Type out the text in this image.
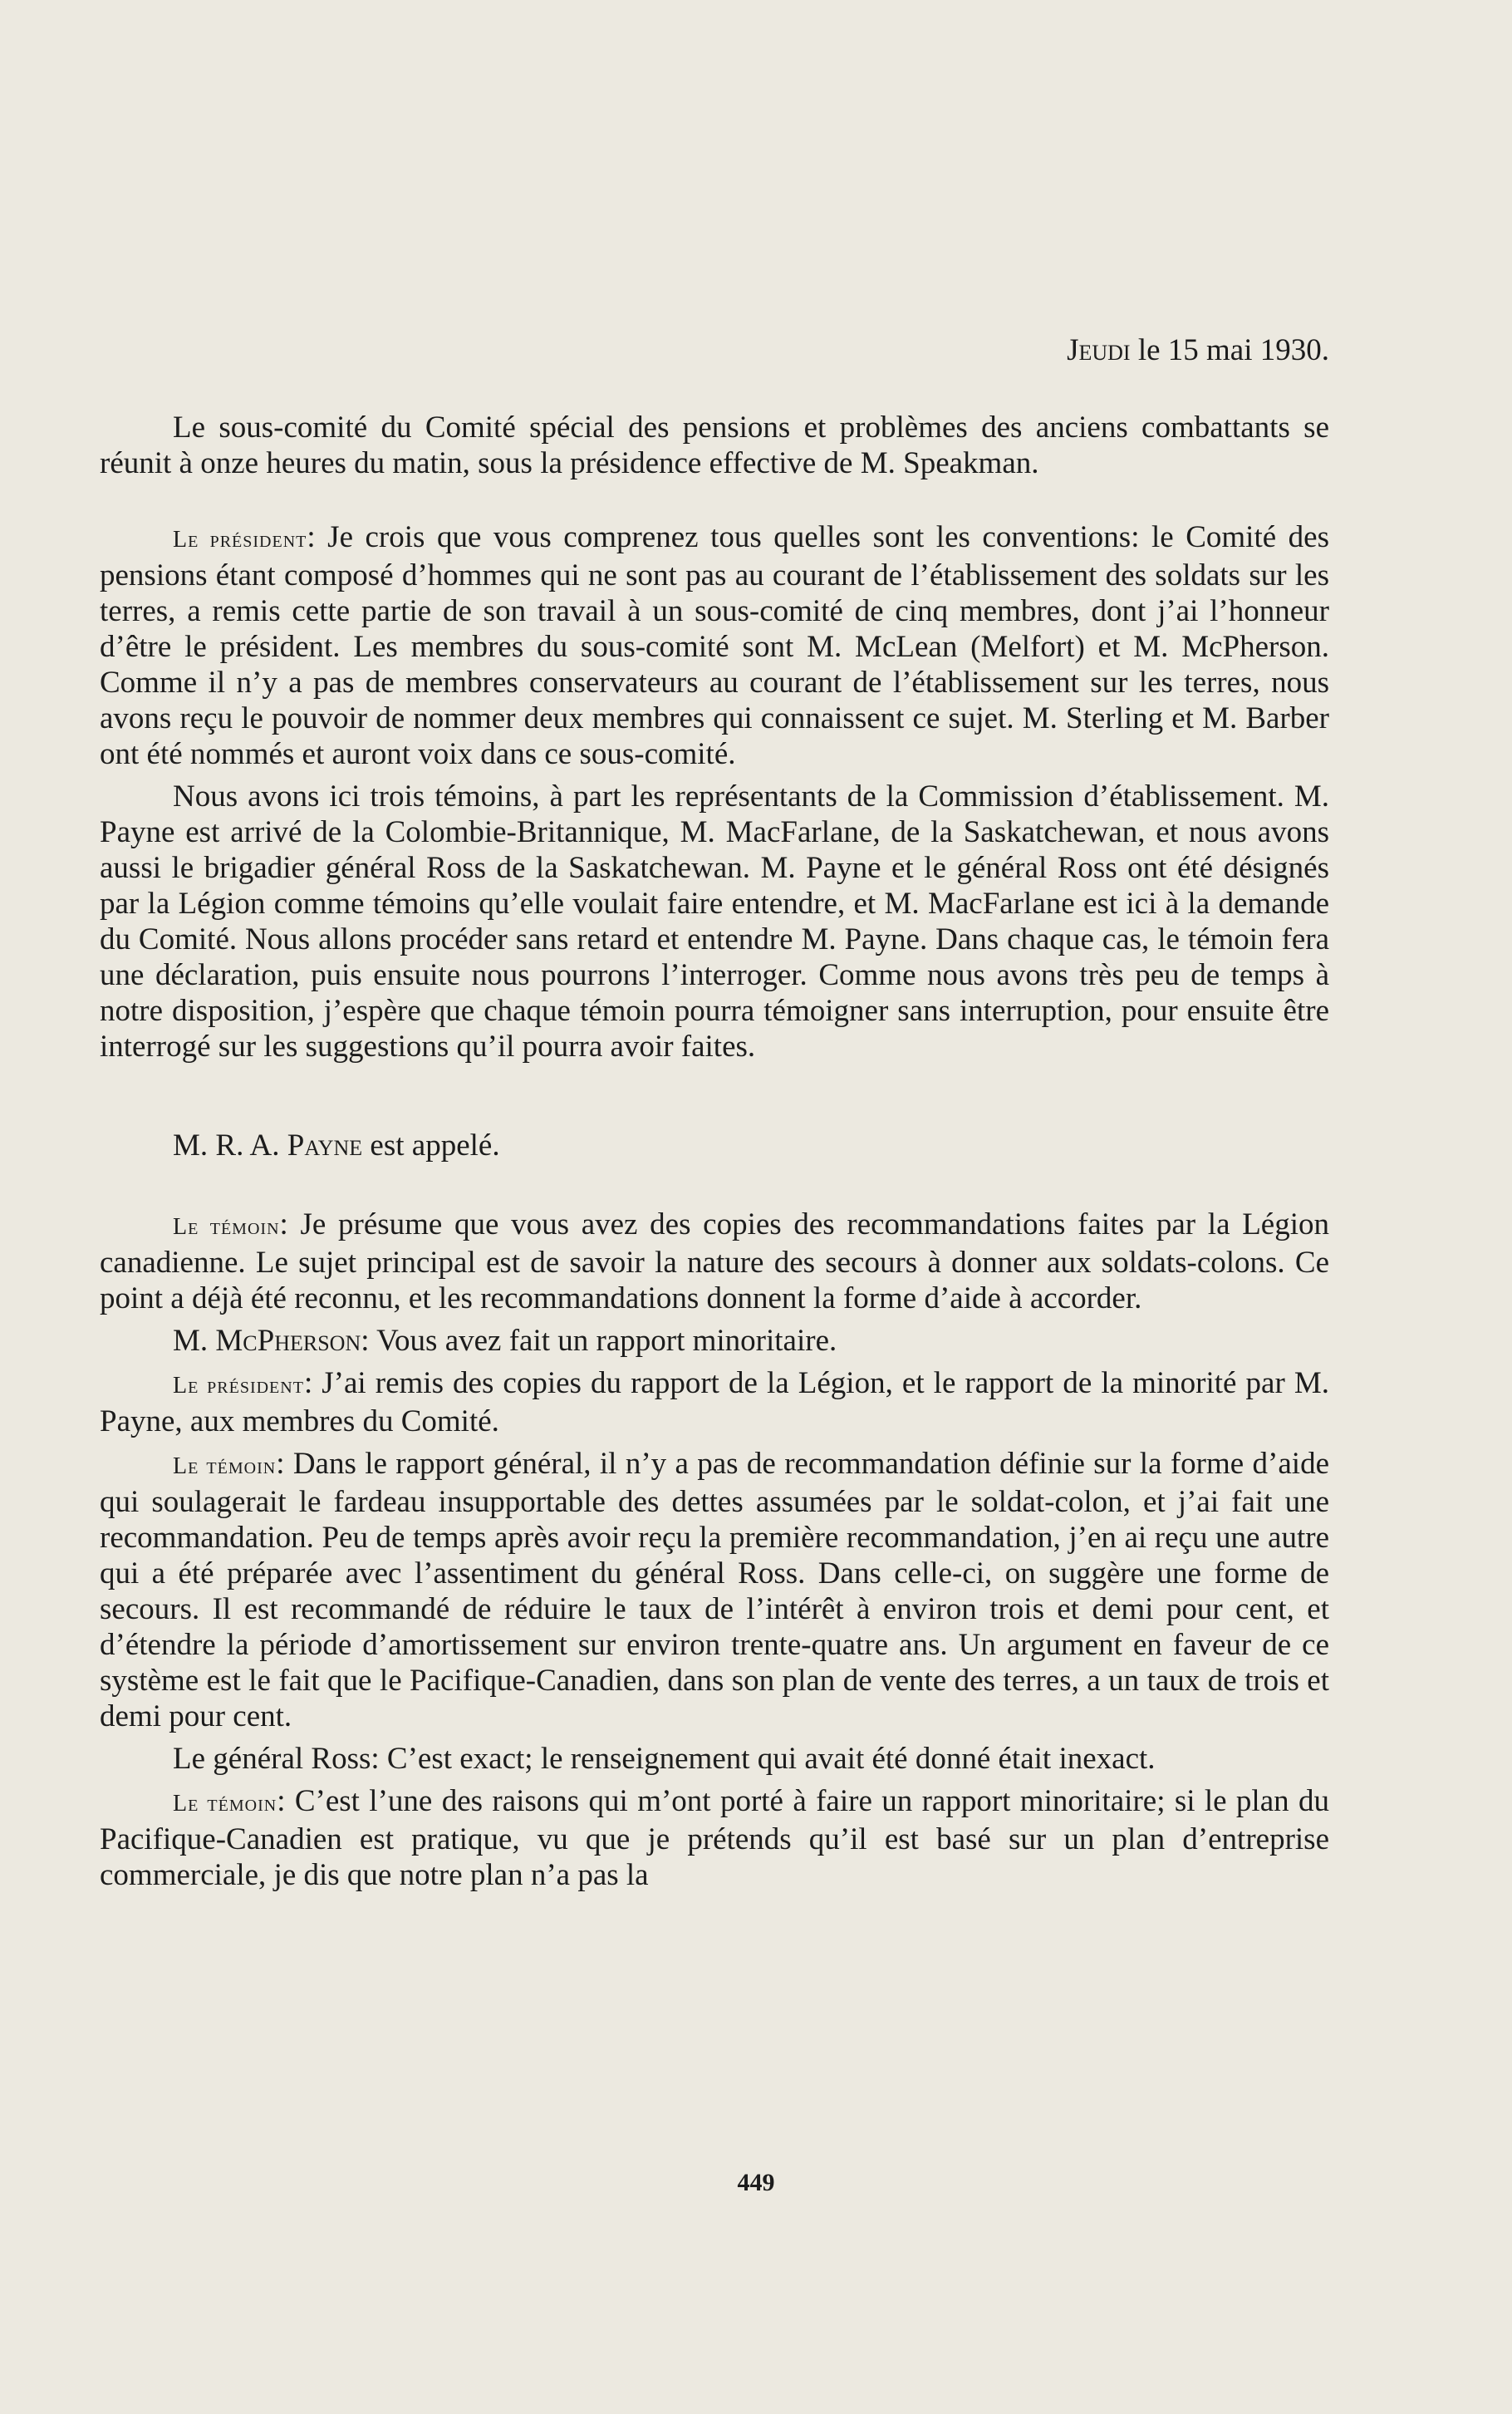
Jeudi le 15 mai 1930.

Le sous-comité du Comité spécial des pensions et problèmes des anciens combattants se réunit à onze heures du matin, sous la présidence effective de M. Speakman.

Le président: Je crois que vous comprenez tous quelles sont les conventions: le Comité des pensions étant composé d’hommes qui ne sont pas au courant de l’établissement des soldats sur les terres, a remis cette partie de son travail à un sous-comité de cinq membres, dont j’ai l’honneur d’être le président. Les membres du sous-comité sont M. McLean (Melfort) et M. McPherson. Comme il n’y a pas de membres conservateurs au courant de l’établissement sur les terres, nous avons reçu le pouvoir de nommer deux membres qui connaissent ce sujet. M. Sterling et M. Barber ont été nommés et auront voix dans ce sous-comité.

Nous avons ici trois témoins, à part les représentants de la Commission d’établissement. M. Payne est arrivé de la Colombie-Britannique, M. MacFarlane, de la Saskatchewan, et nous avons aussi le brigadier général Ross de la Saskatchewan. M. Payne et le général Ross ont été désignés par la Légion comme témoins qu’elle voulait faire entendre, et M. MacFarlane est ici à la demande du Comité. Nous allons procéder sans retard et entendre M. Payne. Dans chaque cas, le témoin fera une déclaration, puis ensuite nous pourrons l’interroger. Comme nous avons très peu de temps à notre disposition, j’espère que chaque témoin pourra témoigner sans interruption, pour ensuite être interrogé sur les suggestions qu’il pourra avoir faites.

M. R. A. Payne est appelé.

Le témoin: Je présume que vous avez des copies des recommandations faites par la Légion canadienne. Le sujet principal est de savoir la nature des secours à donner aux soldats-colons. Ce point a déjà été reconnu, et les recommandations donnent la forme d’aide à accorder.

M. McPherson: Vous avez fait un rapport minoritaire.

Le président: J’ai remis des copies du rapport de la Légion, et le rapport de la minorité par M. Payne, aux membres du Comité.

Le témoin: Dans le rapport général, il n’y a pas de recommandation définie sur la forme d’aide qui soulagerait le fardeau insupportable des dettes assumées par le soldat-colon, et j’ai fait une recommandation. Peu de temps après avoir reçu la première recommandation, j’en ai reçu une autre qui a été préparée avec l’assentiment du général Ross. Dans celle-ci, on suggère une forme de secours. Il est recommandé de réduire le taux de l’intérêt à environ trois et demi pour cent, et d’étendre la période d’amortissement sur environ trente-quatre ans. Un argument en faveur de ce système est le fait que le Pacifique-Canadien, dans son plan de vente des terres, a un taux de trois et demi pour cent.

Le général Ross: C’est exact; le renseignement qui avait été donné était inexact.

Le témoin: C’est l’une des raisons qui m’ont porté à faire un rapport minoritaire; si le plan du Pacifique-Canadien est pratique, vu que je prétends qu’il est basé sur un plan d’entreprise commerciale, je dis que notre plan n’a pas la

449
